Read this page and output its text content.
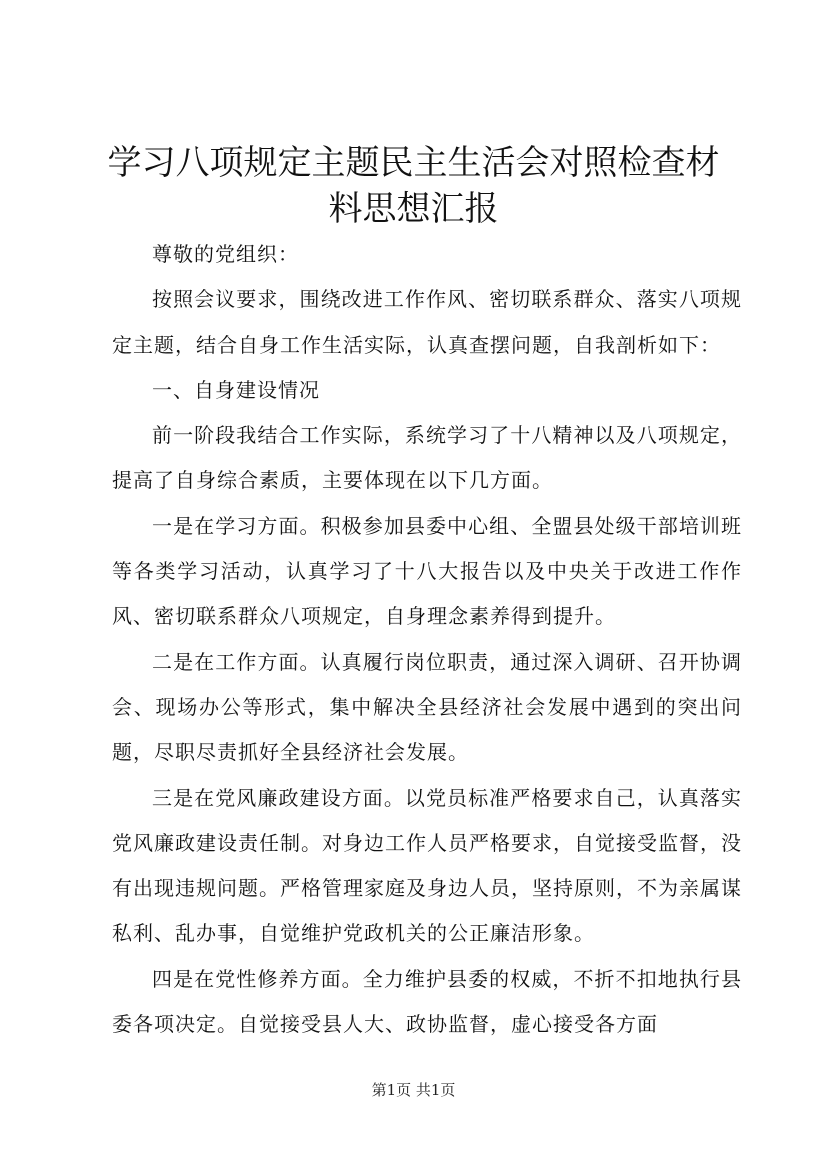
学习八项规定主题民主生活会对照检查材料思想汇报

尊敬的党组织：

按照会议要求，围绕改进工作作风、密切联系群众、落实八项规定主题，结合自身工作生活实际，认真查摆问题，自我剖析如下：

一、自身建设情况

前一阶段我结合工作实际，系统学习了十八精神以及八项规定，提高了自身综合素质，主要体现在以下几方面。

一是在学习方面。积极参加县委中心组、全盟县处级干部培训班等各类学习活动，认真学习了十八大报告以及中央关于改进工作作风、密切联系群众八项规定，自身理念素养得到提升。

二是在工作方面。认真履行岗位职责，通过深入调研、召开协调会、现场办公等形式，集中解决全县经济社会发展中遇到的突出问题，尽职尽责抓好全县经济社会发展。

三是在党风廉政建设方面。以党员标准严格要求自己，认真落实党风廉政建设责任制。对身边工作人员严格要求，自觉接受监督，没有出现违规问题。严格管理家庭及身边人员，坚持原则，不为亲属谋私利、乱办事，自觉维护党政机关的公正廉洁形象。

四是在党性修养方面。全力维护县委的权威，不折不扣地执行县委各项决定。自觉接受县人大、政协监督，虚心接受各方面

第1页 共1页
